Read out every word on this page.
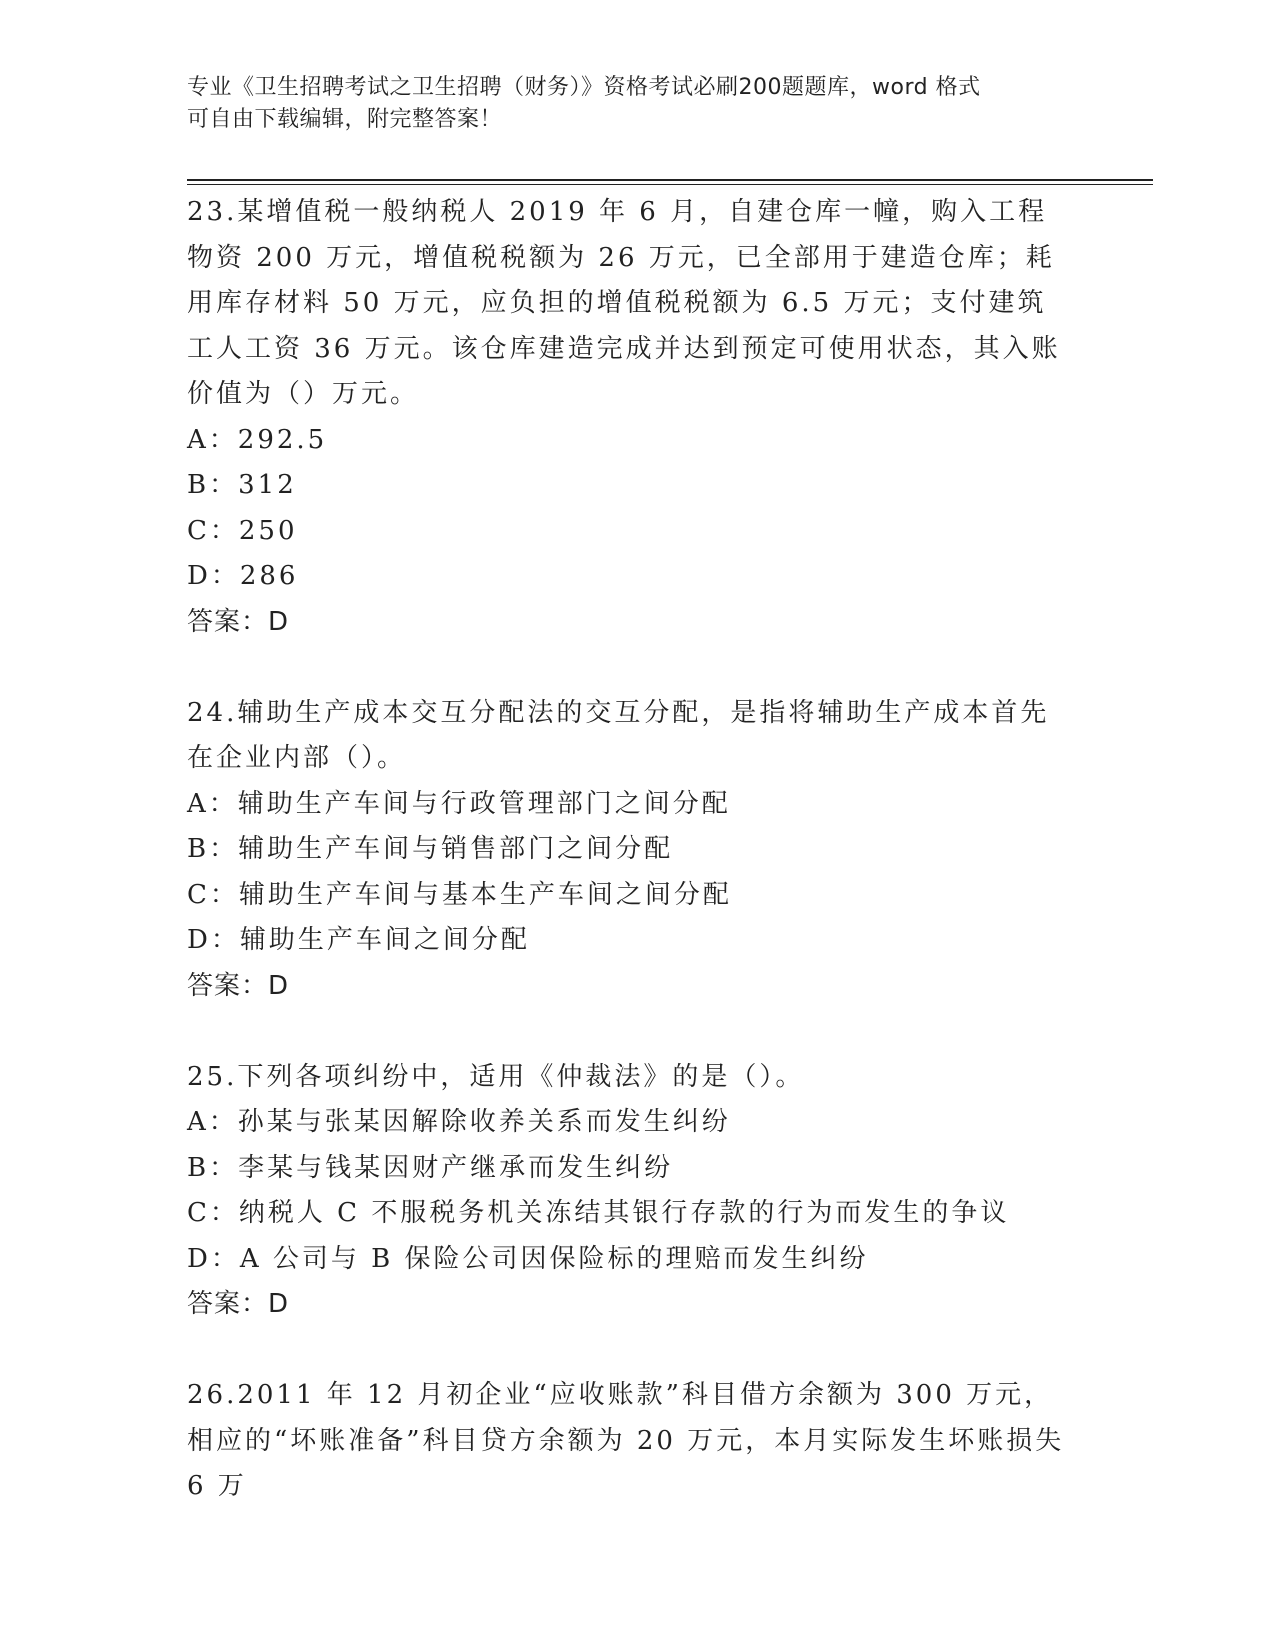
专业《卫生招聘考试之卫生招聘（财务）》资格考试必刷200题题库，word 格式
可自由下载编辑，附完整答案！
23.某增值税一般纳税人 2019 年 6 月，自建仓库一幢，购入工程物资 200 万元，增值税税额为 26 万元，已全部用于建造仓库；耗用库存材料 50 万元，应负担的增值税税额为 6.5 万元；支付建筑工人工资 36 万元。该仓库建造完成并达到预定可使用状态，其入账价值为（）万元。
A：292.5
B：312
C：250
D：286
答案：D
24.辅助生产成本交互分配法的交互分配，是指将辅助生产成本首先在企业内部（）。
A：辅助生产车间与行政管理部门之间分配
B：辅助生产车间与销售部门之间分配
C：辅助生产车间与基本生产车间之间分配
D：辅助生产车间之间分配
答案：D
25.下列各项纠纷中，适用《仲裁法》的是（）。
A：孙某与张某因解除收养关系而发生纠纷
B：李某与钱某因财产继承而发生纠纷
C：纳税人 C 不服税务机关冻结其银行存款的行为而发生的争议
D：A 公司与 B 保险公司因保险标的理赔而发生纠纷
答案：D
26.2011 年 12 月初企业“应收账款”科目借方余额为 300 万元，相应的“坏账准备”科目贷方余额为 20 万元，本月实际发生坏账损失 6 万
